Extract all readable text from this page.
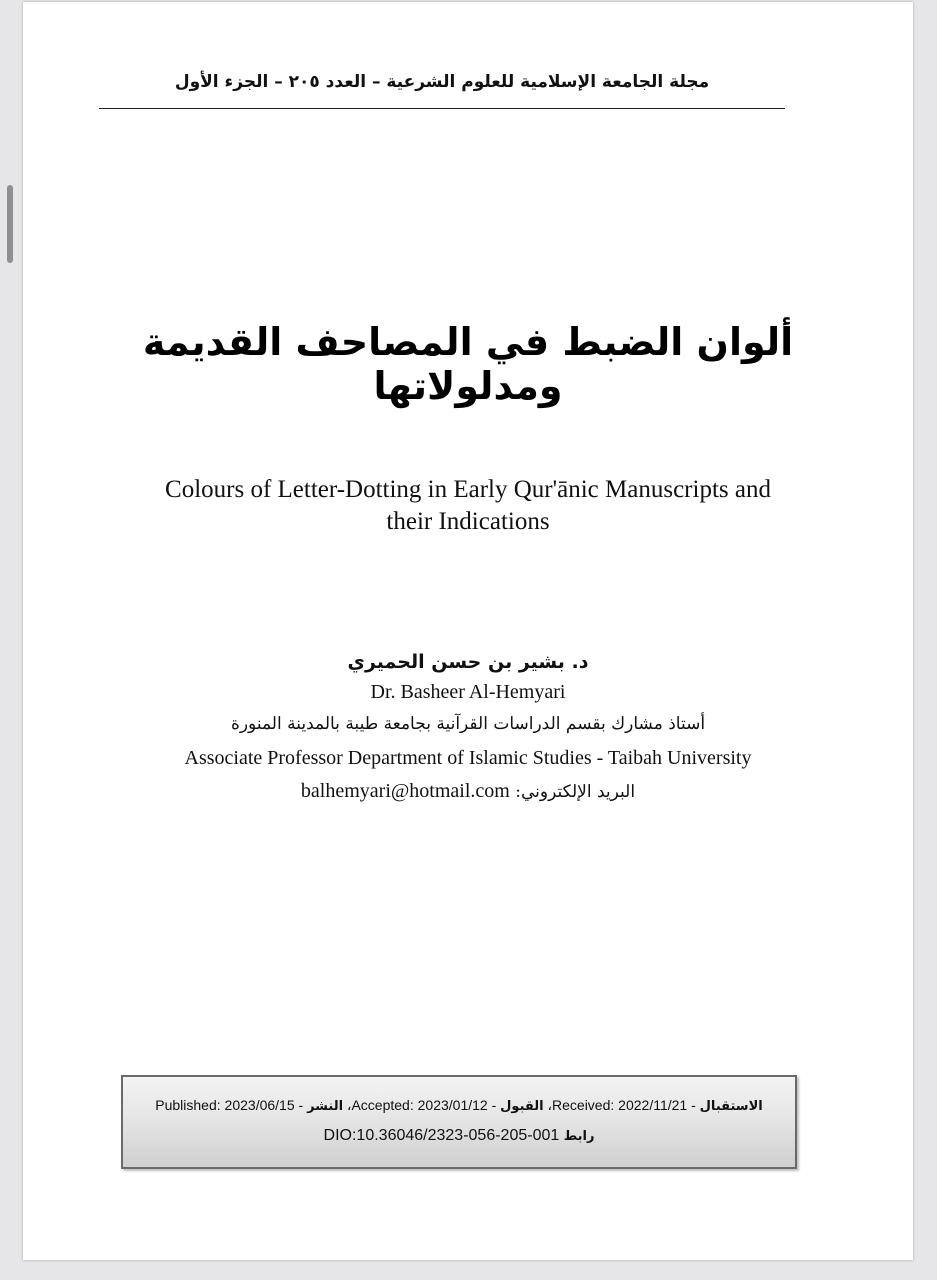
مجلة الجامعة الإسلامية للعلوم الشرعية – العدد ٢٠٥ – الجزء الأول
ألوان الضبط في المصاحف القديمة ومدلولاتها
Colours of Letter-Dotting in Early Qur'ānic Manuscripts and
their Indications
د. بشير بن حسن الحميري
Dr. Basheer Al-Hemyari
أستاذ مشارك بقسم الدراسات القرآنية بجامعة طيبة بالمدينة المنورة
Associate Professor Department of Islamic Studies - Taibah University
البريد الإلكتروني: balhemyari@hotmail.com
الاستقبال - Received: 2022/11/21، القبول - Accepted: 2023/01/12، النشر - Published: 2023/06/15
رابط DIO:10.36046/2323-056-205-001
